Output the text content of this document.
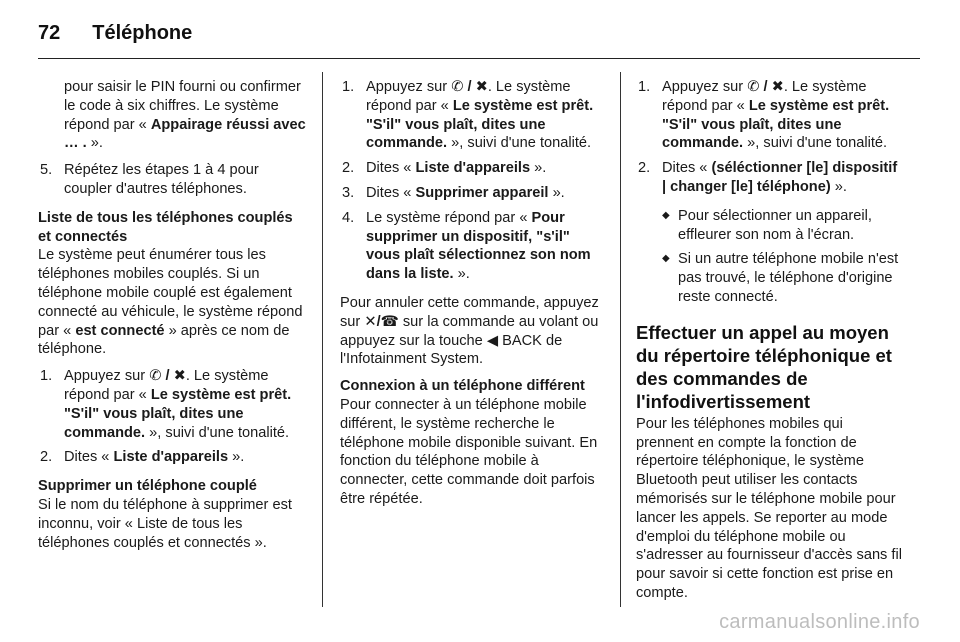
72 Téléphone

pour saisir le PIN fourni ou confirmer le code à six chiffres. Le système répond par « Appairage réussi avec … . ».

5. Répétez les étapes 1 à 4 pour coupler d'autres téléphones.
Liste de tous les téléphones couplés et connectés

Le système peut énumérer tous les téléphones mobiles couplés. Si un téléphone mobile couplé est également connecté au véhicule, le système répond par « est connecté » après ce nom de téléphone.

1. Appuyez sur ✆ / ✖. Le système répond par « Le système est prêt. "S'il" vous plaît, dites une commande. », suivi d'une tonalité.
2. Dites « Liste d'appareils ».
Supprimer un téléphone couplé

Si le nom du téléphone à supprimer est inconnu, voir « Liste de tous les téléphones couplés et connectés ».

1. Appuyez sur ✆ / ✖. Le système répond par « Le système est prêt. "S'il" vous plaît, dites une commande. », suivi d'une tonalité.
2. Dites « Liste d'appareils ».
3. Dites « Supprimer appareil ».
4. Le système répond par « Pour supprimer un dispositif, "s'il" vous plaît sélectionnez son nom dans la liste. ».

Pour annuler cette commande, appuyez sur ✕/☎ sur la commande au volant ou appuyez sur la touche ◀ BACK de l'Infotainment System.

Connexion à un téléphone différent

Pour connecter à un téléphone mobile différent, le système recherche le téléphone mobile disponible suivant. En fonction du téléphone mobile à connecter, cette commande doit parfois être répétée.

1. Appuyez sur ✆ / ✖. Le système répond par « Le système est prêt. "S'il" vous plaît, dites une commande. », suivi d'une tonalité.
2. Dites « (séléctionner [le] dispositif | changer [le] téléphone) ».
◆ Pour sélectionner un appareil, effleurer son nom à l'écran.
◆ Si un autre téléphone mobile n'est pas trouvé, le téléphone d'origine reste connecté.
Effectuer un appel au moyen du répertoire téléphonique et des commandes de l'infodivertissement

Pour les téléphones mobiles qui prennent en compte la fonction de répertoire téléphonique, le système Bluetooth peut utiliser les contacts mémorisés sur le téléphone mobile pour lancer les appels. Se reporter au mode d'emploi du téléphone mobile ou s'adresser au fournisseur d'accès sans fil pour savoir si cette fonction est prise en compte.

carmanualsonline.info
